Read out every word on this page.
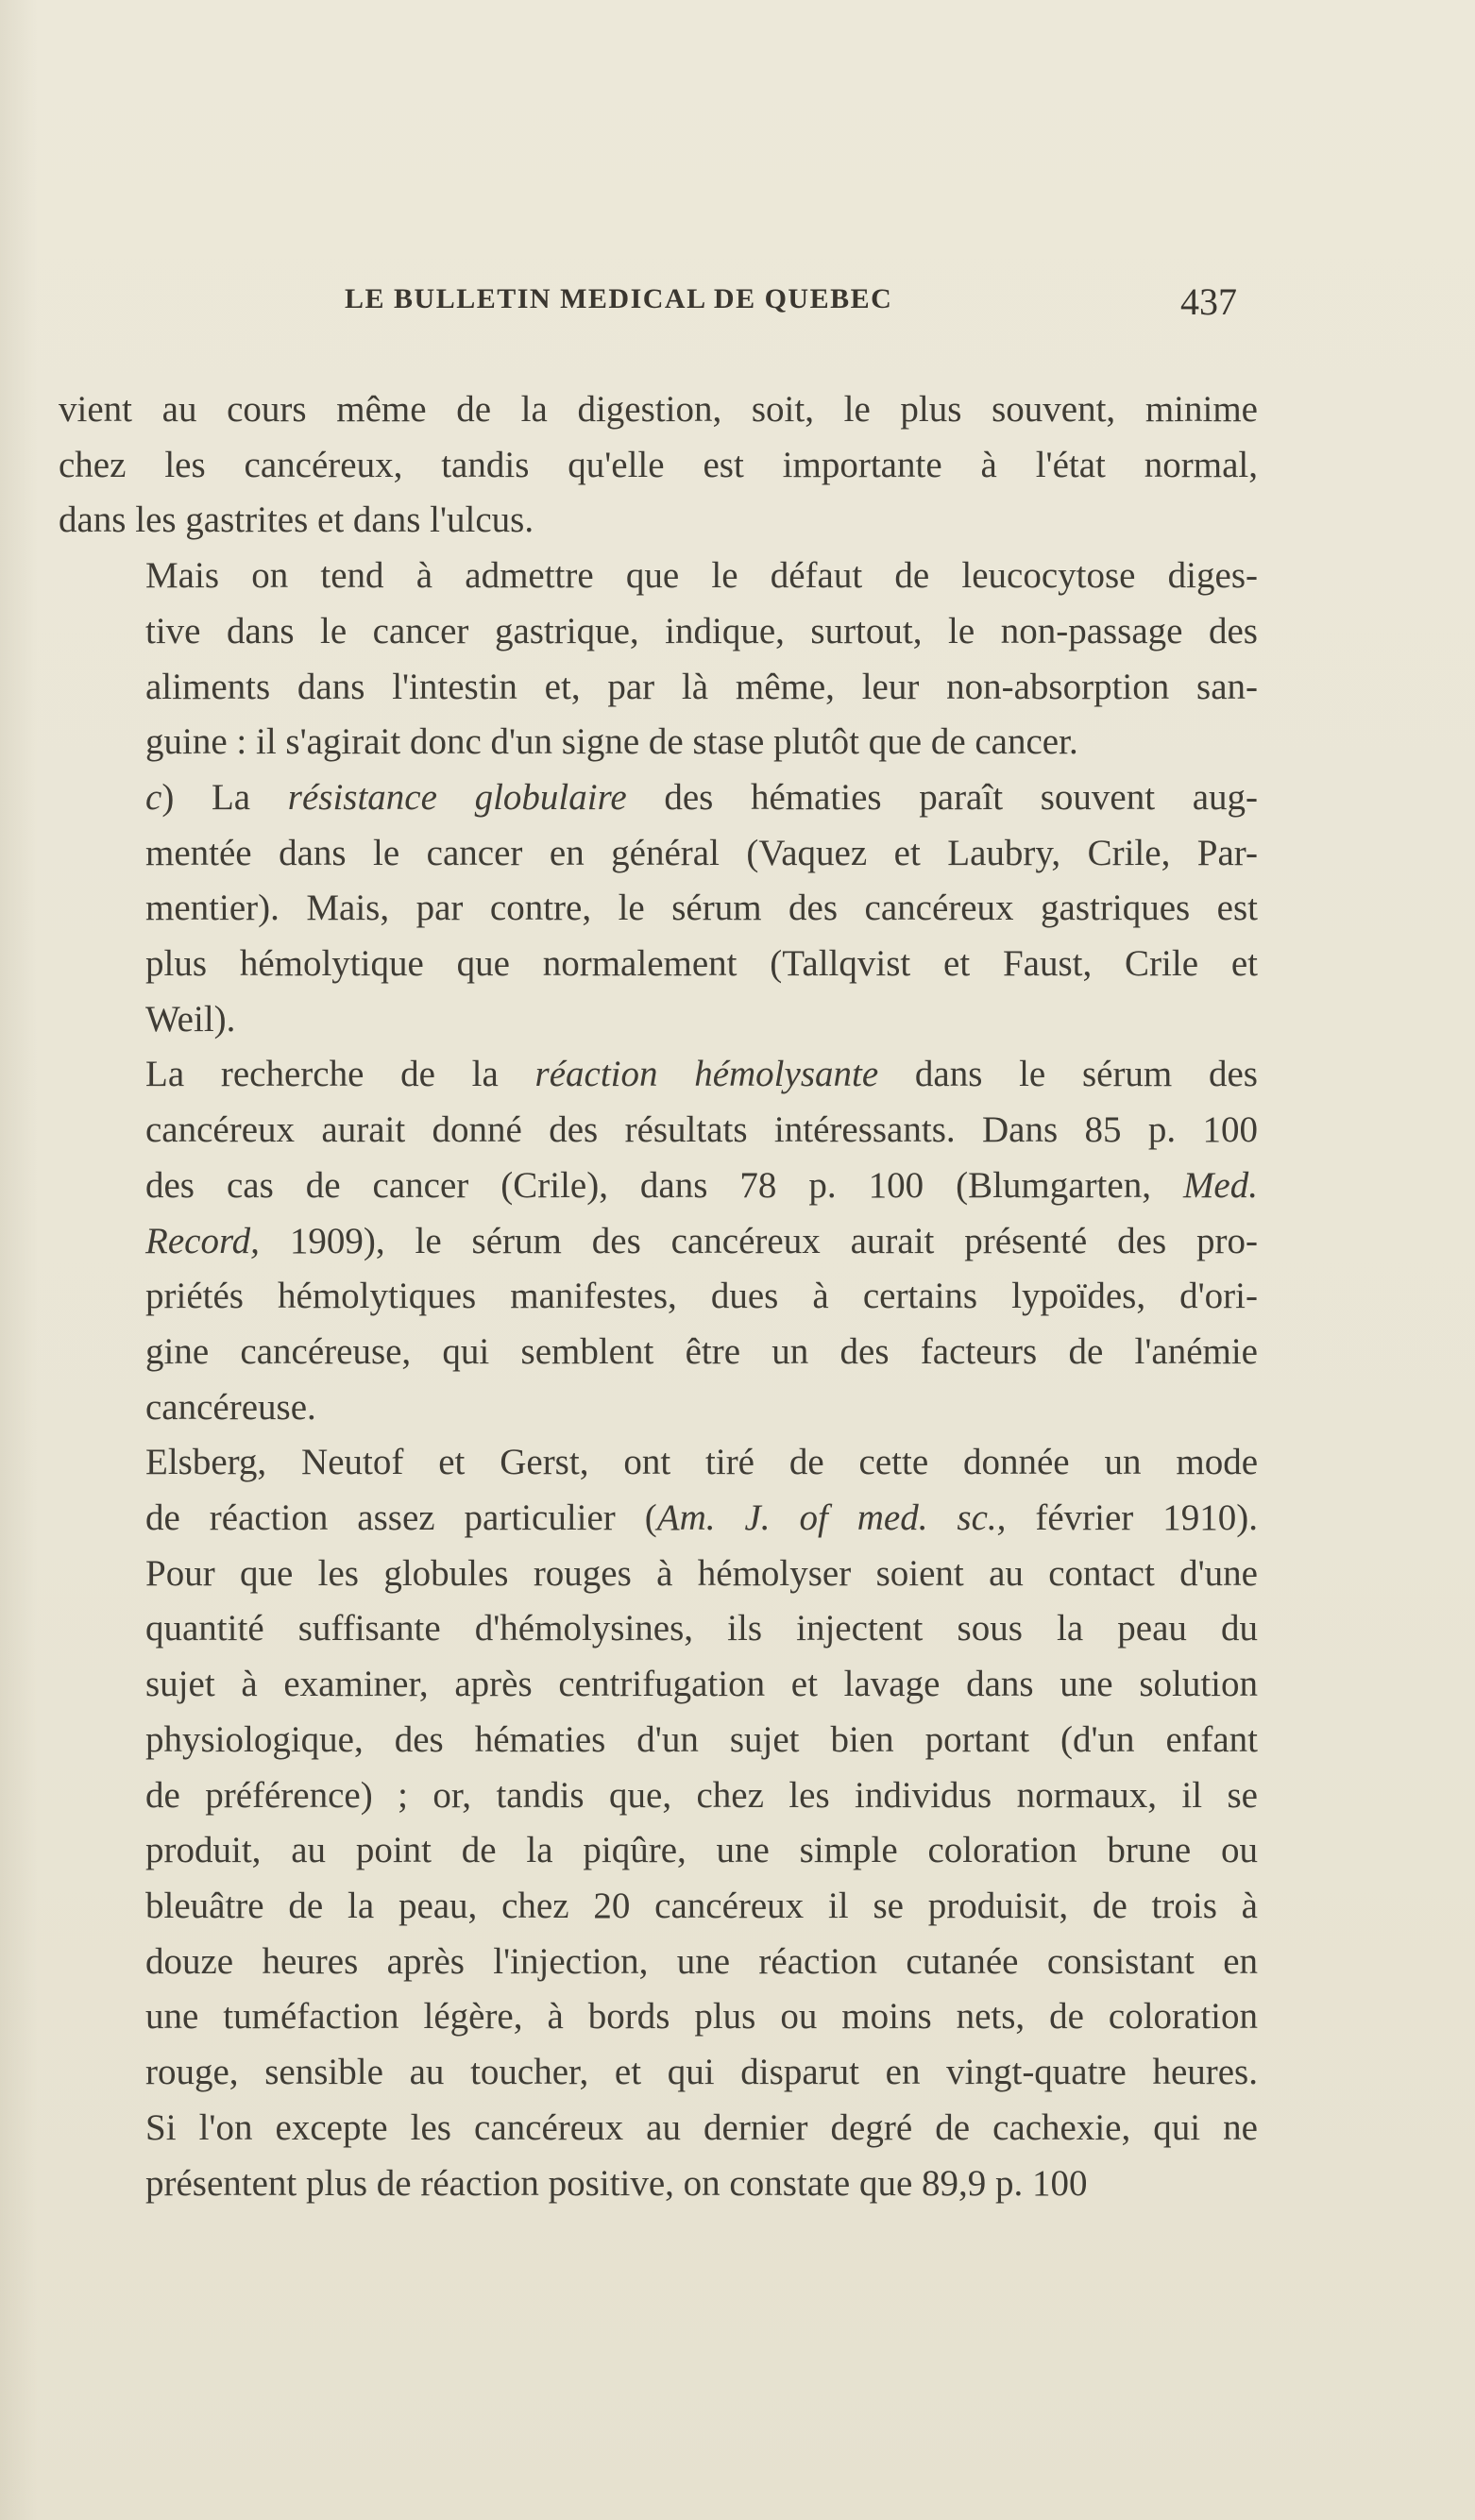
LE BULLETIN MEDICAL DE QUEBEC	437
vient au cours même de la digestion, soit, le plus souvent, minime
chez les cancéreux, tandis qu'elle est importante à l'état normal,
dans les gastrites et dans l'ulcus.
Mais on tend à admettre que le défaut de leucocytose diges-
tive dans le cancer gastrique, indique, surtout, le non-passage des
aliments dans l'intestin et, par là même, leur non-absorption san-
guine : il s'agirait donc d'un signe de stase plutôt que de cancer.
c) La résistance globulaire des hématies paraît souvent aug-
mentée dans le cancer en général (Vaquez et Laubry, Crile, Par-
mentier). Mais, par contre, le sérum des cancéreux gastriques est
plus hémolytique que normalement (Tallqvist et Faust, Crile et
Weil).
La recherche de la réaction hémolysante dans le sérum des
cancéreux aurait donné des résultats intéressants. Dans 85 p. 100
des cas de cancer (Crile), dans 78 p. 100 (Blumgarten, Med.
Record, 1909), le sérum des cancéreux aurait présenté des pro-
priétés hémolytiques manifestes, dues à certains lypoïdes, d'ori-
gine cancéreuse, qui semblent être un des facteurs de l'anémie
cancéreuse.
Elsberg, Neutof et Gerst, ont tiré de cette donnée un mode
de réaction assez particulier (Am. J. of med. sc., février 1910).
Pour que les globules rouges à hémolyser soient au contact d'une
quantité suffisante d'hémolysines, ils injectent sous la peau du
sujet à examiner, après centrifugation et lavage dans une solution
physiologique, des hématies d'un sujet bien portant (d'un enfant
de préférence) ; or, tandis que, chez les individus normaux, il se
produit, au point de la piqûre, une simple coloration brune ou
bleuâtre de la peau, chez 20 cancéreux il se produisit, de trois à
douze heures après l'injection, une réaction cutanée consistant en
une tuméfaction légère, à bords plus ou moins nets, de coloration
rouge, sensible au toucher, et qui disparut en vingt-quatre heures.
Si l'on excepte les cancéreux au dernier degré de cachexie, qui ne
présentent plus de réaction positive, on constate que 89,9 p. 100
